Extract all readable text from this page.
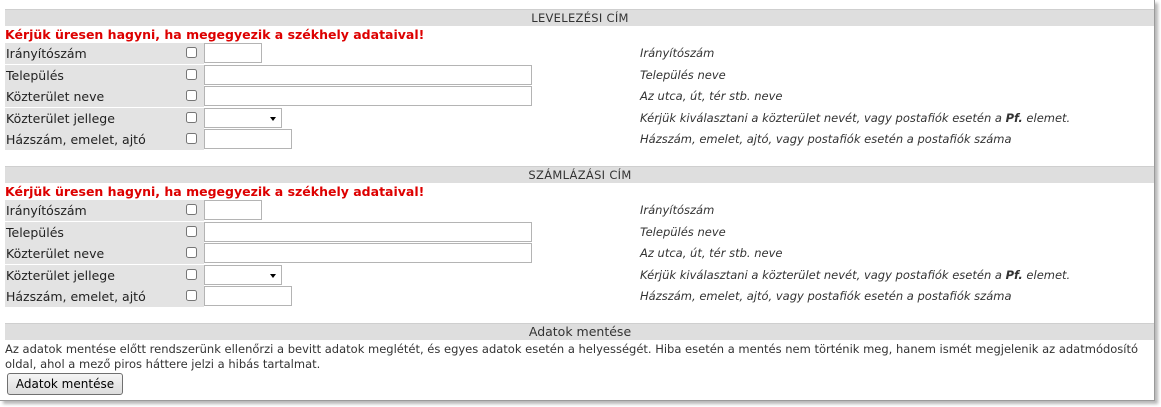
LEVELEZÉSI CÍM
Kérjük üresen hagyni, ha megegyezik a székhely adataival!
Irányítószám	Irányítószám
Település	Település neve
Közterület neve	Az utca, út, tér stb. neve
Közterület jellege	Kérjük kiválasztani a közterület nevét, vagy postafiók esetén a Pf. elemet.
Házszám, emelet, ajtó	Házszám, emelet, ajtó, vagy postafiók esetén a postafiók száma
SZÁMLÁZÁSI CÍM
Kérjük üresen hagyni, ha megegyezik a székhely adataival!
Irányítószám	Irányítószám
Település	Település neve
Közterület neve	Az utca, út, tér stb. neve
Közterület jellege	Kérjük kiválasztani a közterület nevét, vagy postafiók esetén a Pf. elemet.
Házszám, emelet, ajtó	Házszám, emelet, ajtó, vagy postafiók esetén a postafiók száma
Adatok mentése
Az adatok mentése előtt rendszerünk ellenőrzi a bevitt adatok meglétét, és egyes adatok esetén a helyességét. Hiba esetén a mentés nem történik meg, hanem ismét megjelenik az adatmódosító oldal, ahol a mező piros háttere jelzi a hibás tartalmat.
Adatok mentése
